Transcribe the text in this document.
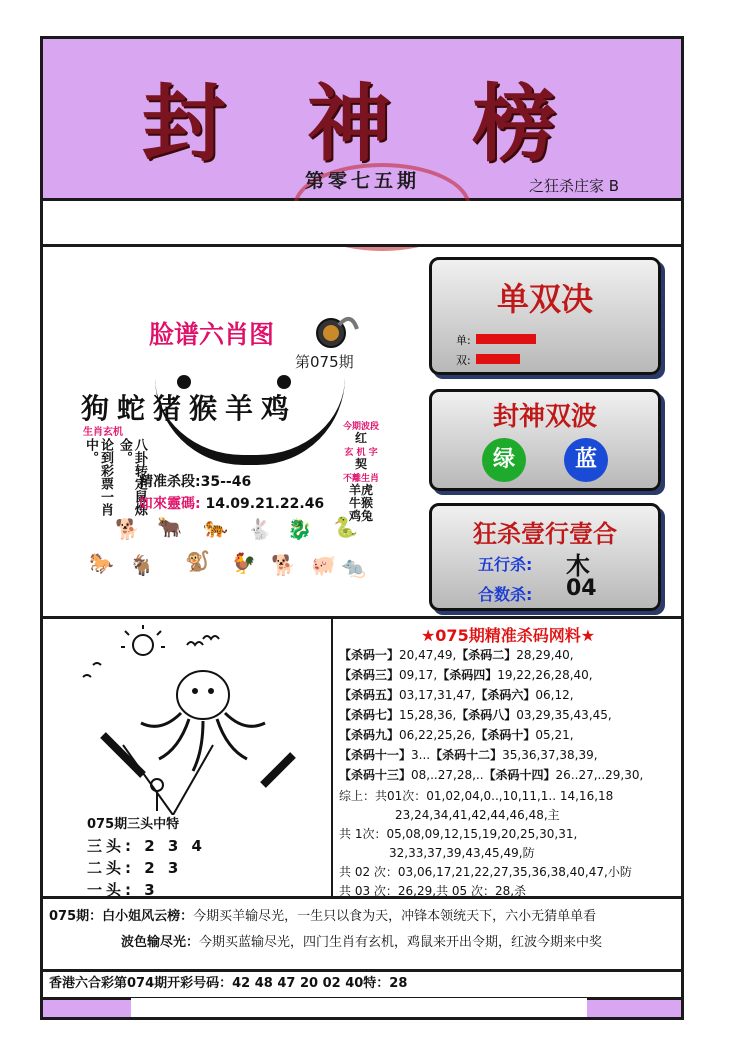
封 神 榜
第零七五期	之狂杀庄家 B
脸谱六肖图
第075期
狗蛇猪猴羊鸡
生肖玄机
论到彩票一肖中。	八卦转定鼠炼金。
今期波段
红
玄 机 字
契
不離生肖
羊虎牛猴鸡兔
精准杀段:35--46
如來靈碼: 14.09.21.22.46
🐕 🐂 🐅 🐇 🐉 🐍
🐎 🐐 🐒 🐓 🐕 🐖 🐀
单双决
单:
双:
封神双波
绿	蓝
狂杀壹行壹合
五行杀: 木
合数杀: 04
075期三头中特
三头: 2 3 4
二头: 2 3
一头: 3
★075期精准杀码网料★
【杀码一】20,47,49,【杀码二】28,29,40,
【杀码三】09,17,【杀码四】19,22,26,28,40,
【杀码五】03,17,31,47,【杀码六】06,12,
【杀码七】15,28,36,【杀码八】03,29,35,43,45,
【杀码九】06,22,25,26,【杀码十】05,21,
【杀码十一】3...【杀码十二】35,36,37,38,39,
【杀码十三】08,..27,28,..【杀码十四】26..27,..29,30,
综上：共01次：01,02,04,0..,10,11,1.. 14,16,18
23,24,34,41,42,44,46,48,主
共 1次：05,08,09,12,15,19,20,25,30,31,
32,33,37,39,43,45,49,防
共 02 次：03,06,17,21,22,27,35,36,38,40,47,小防
共 03 次：26,29,共 05 次：28,杀
075期：白小姐风云榜：今期买羊输尽光，一生只以食为天，冲锋本领统天下，六小无猜单单看
波色输尽光：今期买蓝输尽光，四门生肖有玄机，鸡鼠来开出令期，红波今期来中奖
香港六合彩第074期开彩号码：42 48 47 20 02 40特：28
